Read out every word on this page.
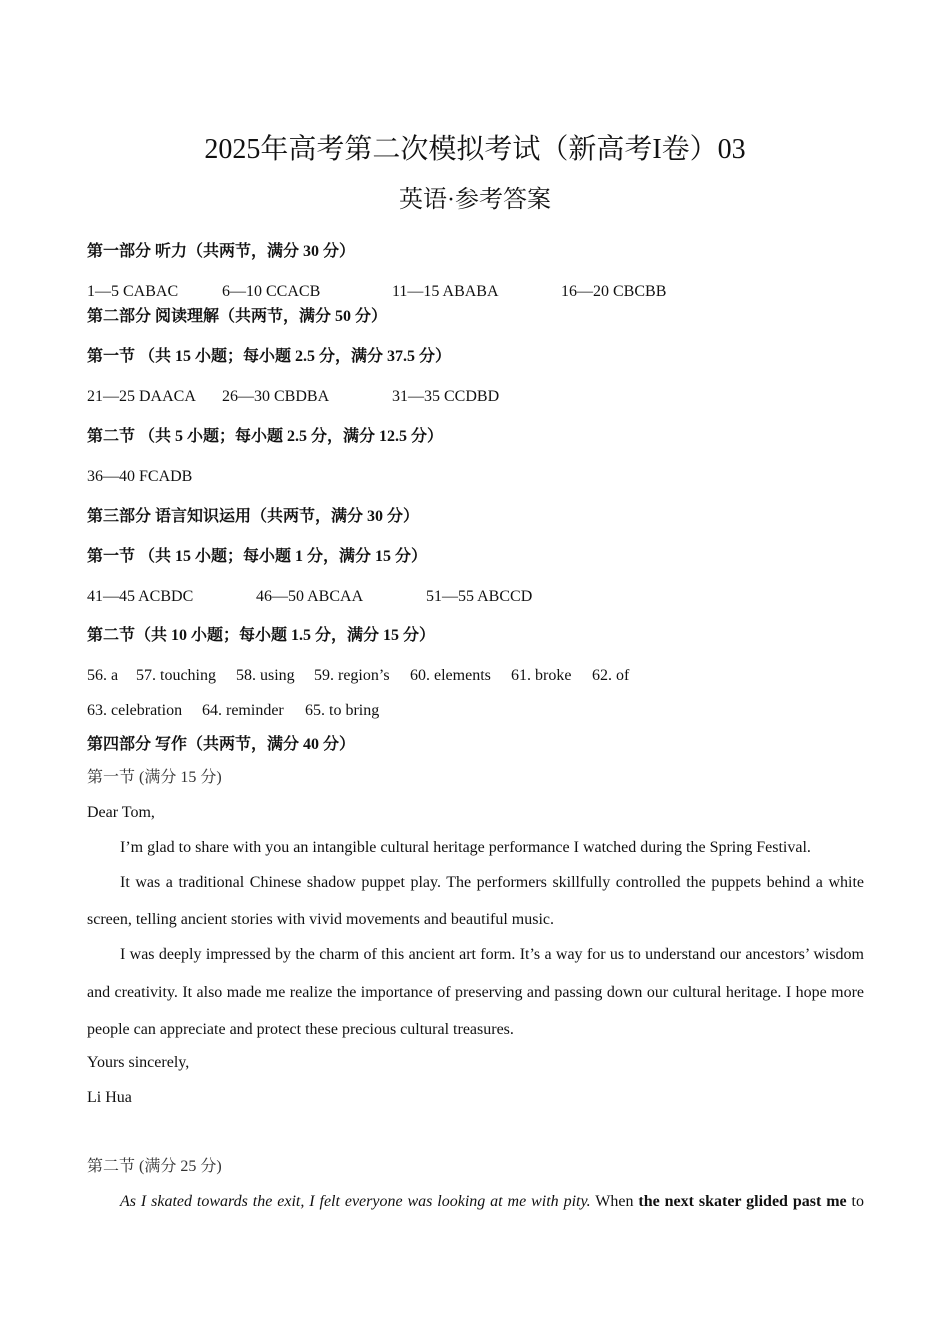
2025年高考第二次模拟考试（新高考I卷）03
英语·参考答案
第一部分 听力（共两节，满分 30 分）
1—5 CABAC	6—10 CCACB	11—15 ABABA	16—20 CBCBB
第二部分 阅读理解（共两节，满分 50 分）
第一节 （共 15 小题；每小题 2.5 分，满分 37.5 分）
21—25 DAACA 26—30 CBDBA	31—35 CCDBD
第二节 （共 5 小题；每小题 2.5 分，满分 12.5 分）
36—40 FCADB
第三部分 语言知识运用（共两节，满分 30 分）
第一节 （共 15 小题；每小题 1 分，满分 15 分）
41—45 ACBDC	46—50 ABCAA	51—55 ABCCD
第二节（共 10 小题；每小题 1.5 分，满分 15 分）
56. a 57. touching 58. using 59. region’s 60. elements 61. broke 62. of
63. celebration 64. reminder 65. to bring
第四部分 写作（共两节，满分 40 分）
第一节 (满分 15 分)
Dear Tom,
I’m glad to share with you an intangible cultural heritage performance I watched during the Spring Festival.
It was a traditional Chinese shadow puppet play. The performers skillfully controlled the puppets behind a white screen, telling ancient stories with vivid movements and beautiful music.
I was deeply impressed by the charm of this ancient art form. It’s a way for us to understand our ancestors’ wisdom and creativity. It also made me realize the importance of preserving and passing down our cultural heritage. I hope more people can appreciate and protect these precious cultural treasures.
Yours sincerely,
Li Hua
第二节 (满分 25 分)
As I skated towards the exit, I felt everyone was looking at me with pity. When the next skater glided past me to
